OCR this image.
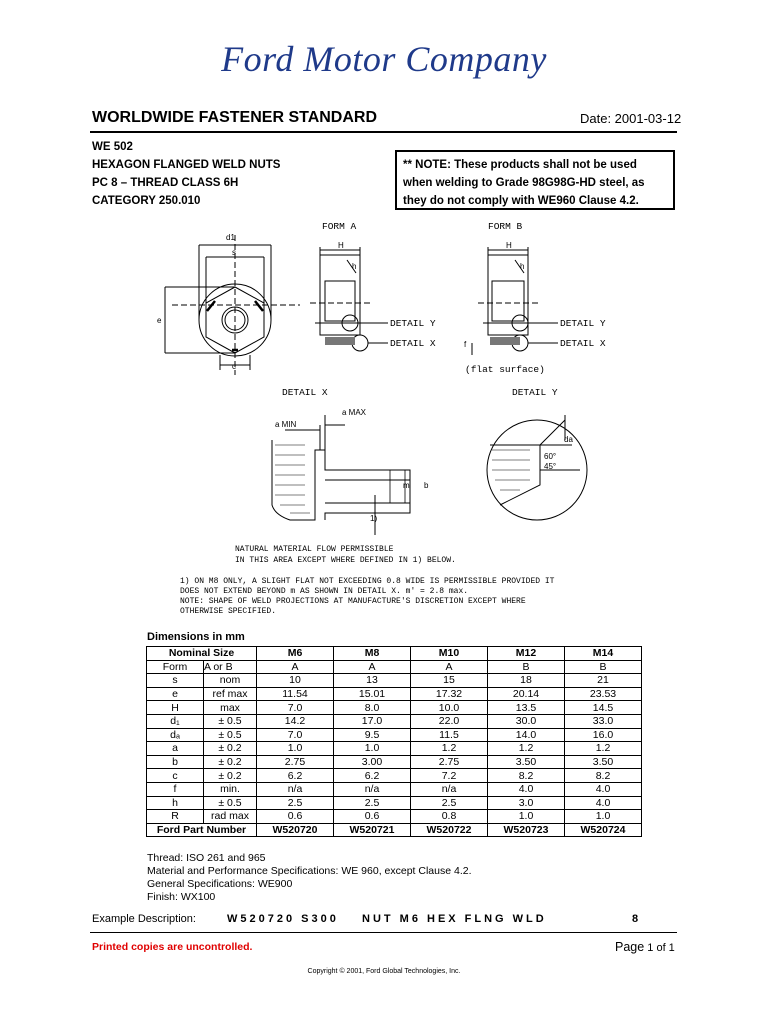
Ford Motor Company
WORLDWIDE FASTENER STANDARD	Date: 2001-03-12
WE 502
HEXAGON FLANGED WELD NUTS
PC 8 – THREAD CLASS 6H
CATEGORY 250.010
** NOTE: These products shall not be used
when welding to Grade 98G98G-HD steel, as
they do not comply with WE960 Clause 4.2.
FORM A	FORM B
d1
s
e
c
H
h
H
h
f
DETAIL Y
DETAIL X
DETAIL Y
DETAIL X
(flat surface)
DETAIL X	DETAIL Y
a MIN
a MAX
m b
1)
da
60°
45°
NATURAL MATERIAL FLOW PERMISSIBLE
IN THIS AREA EXCEPT WHERE DEFINED IN 1) BELOW.
1) ON M8 ONLY, A SLIGHT FLAT NOT EXCEEDING 0.8 WIDE IS PERMISSIBLE PROVIDED IT
DOES NOT EXTEND BEYOND m AS SHOWN IN DETAIL X. m' = 2.8 max.
NOTE: SHAPE OF WELD PROJECTIONS AT MANUFACTURE'S DISCRETION EXCEPT WHERE
OTHERWISE SPECIFIED.
Dimensions in mm
Nominal Size		M6	M8	M10	M12	M14
Form	A or B	A	A	A	B	B
s	nom	10	13	15	18	21
e	ref max	11.54	15.01	17.32	20.14	23.53
H	max	7.0	8.0	10.0	13.5	14.5
d₁	± 0.5	14.2	17.0	22.0	30.0	33.0
dₐ	± 0.5	7.0	9.5	11.5	14.0	16.0
a	± 0.2	1.0	1.0	1.2	1.2	1.2
b	± 0.2	2.75	3.00	2.75	3.50	3.50
c	± 0.2	6.2	6.2	7.2	8.2	8.2
f	min.	n/a	n/a	n/a	4.0	4.0
h	± 0.5	2.5	2.5	2.5	3.0	4.0
R	rad max	0.6	0.6	0.8	1.0	1.0
Ford Part Number		W520720	W520721	W520722	W520723	W520724
Thread: ISO 261 and 965
Material and Performance Specifications: WE 960, except Clause 4.2.
General Specifications: WE900
Finish: WX100
Example Description:	W520720 S300 NUT M6 HEX FLNG WLD	8
Printed copies are uncontrolled.	Page 1 of 1
Copyright © 2001, Ford Global Technologies, Inc.
